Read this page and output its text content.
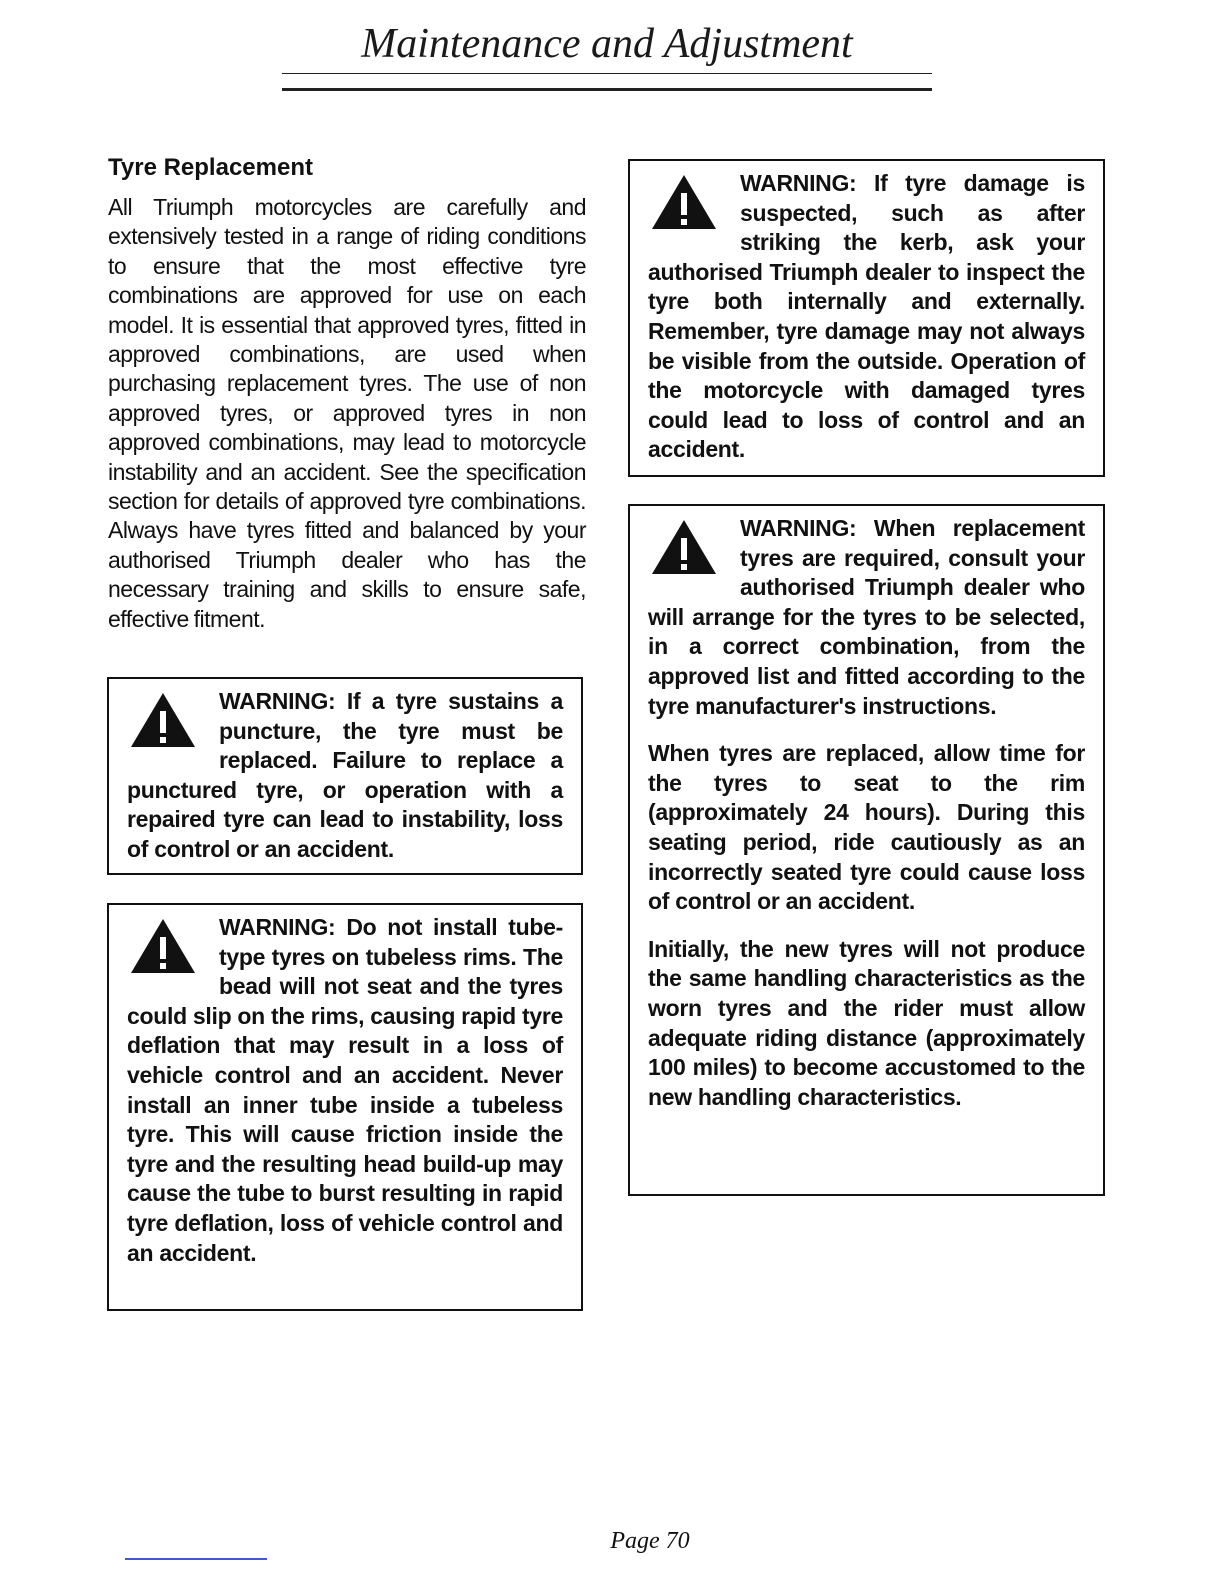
Maintenance and Adjustment
Tyre Replacement

All Triumph motorcycles are carefully and extensively tested in a range of riding conditions to ensure that the most effective tyre combinations are approved for use on each model. It is essential that approved tyres, fitted in approved combinations, are used when purchasing replacement tyres. The use of non approved tyres, or approved tyres in non approved combinations, may lead to motorcycle instability and an accident. See the specification section for details of approved tyre combinations. Always have tyres fitted and balanced by your authorised Triumph dealer who has the necessary training and skills to ensure safe, effective fitment.

WARNING: If a tyre sustains a puncture, the tyre must be replaced. Failure to replace a punctured tyre, or operation with a repaired tyre can lead to instability, loss of control or an accident.

WARNING: Do not install tube-type tyres on tubeless rims. The bead will not seat and the tyres could slip on the rims, causing rapid tyre deflation that may result in a loss of vehicle control and an accident. Never install an inner tube inside a tubeless tyre. This will cause friction inside the tyre and the resulting head build-up may cause the tube to burst resulting in rapid tyre deflation, loss of vehicle control and an accident.

WARNING: If tyre damage is suspected, such as after striking the kerb, ask your authorised Triumph dealer to inspect the tyre both internally and externally. Remember, tyre damage may not always be visible from the outside. Operation of the motorcycle with damaged tyres could lead to loss of control and an accident.

WARNING: When replacement tyres are required, consult your authorised Triumph dealer who will arrange for the tyres to be selected, in a correct combination, from the approved list and fitted according to the tyre manufacturer's instructions.

When tyres are replaced, allow time for the tyres to seat to the rim (approximately 24 hours). During this seating period, ride cautiously as an incorrectly seated tyre could cause loss of control or an accident.

Initially, the new tyres will not produce the same handling characteristics as the worn tyres and the rider must allow adequate riding distance (approximately 100 miles) to become accustomed to the new handling characteristics.

Page 70
